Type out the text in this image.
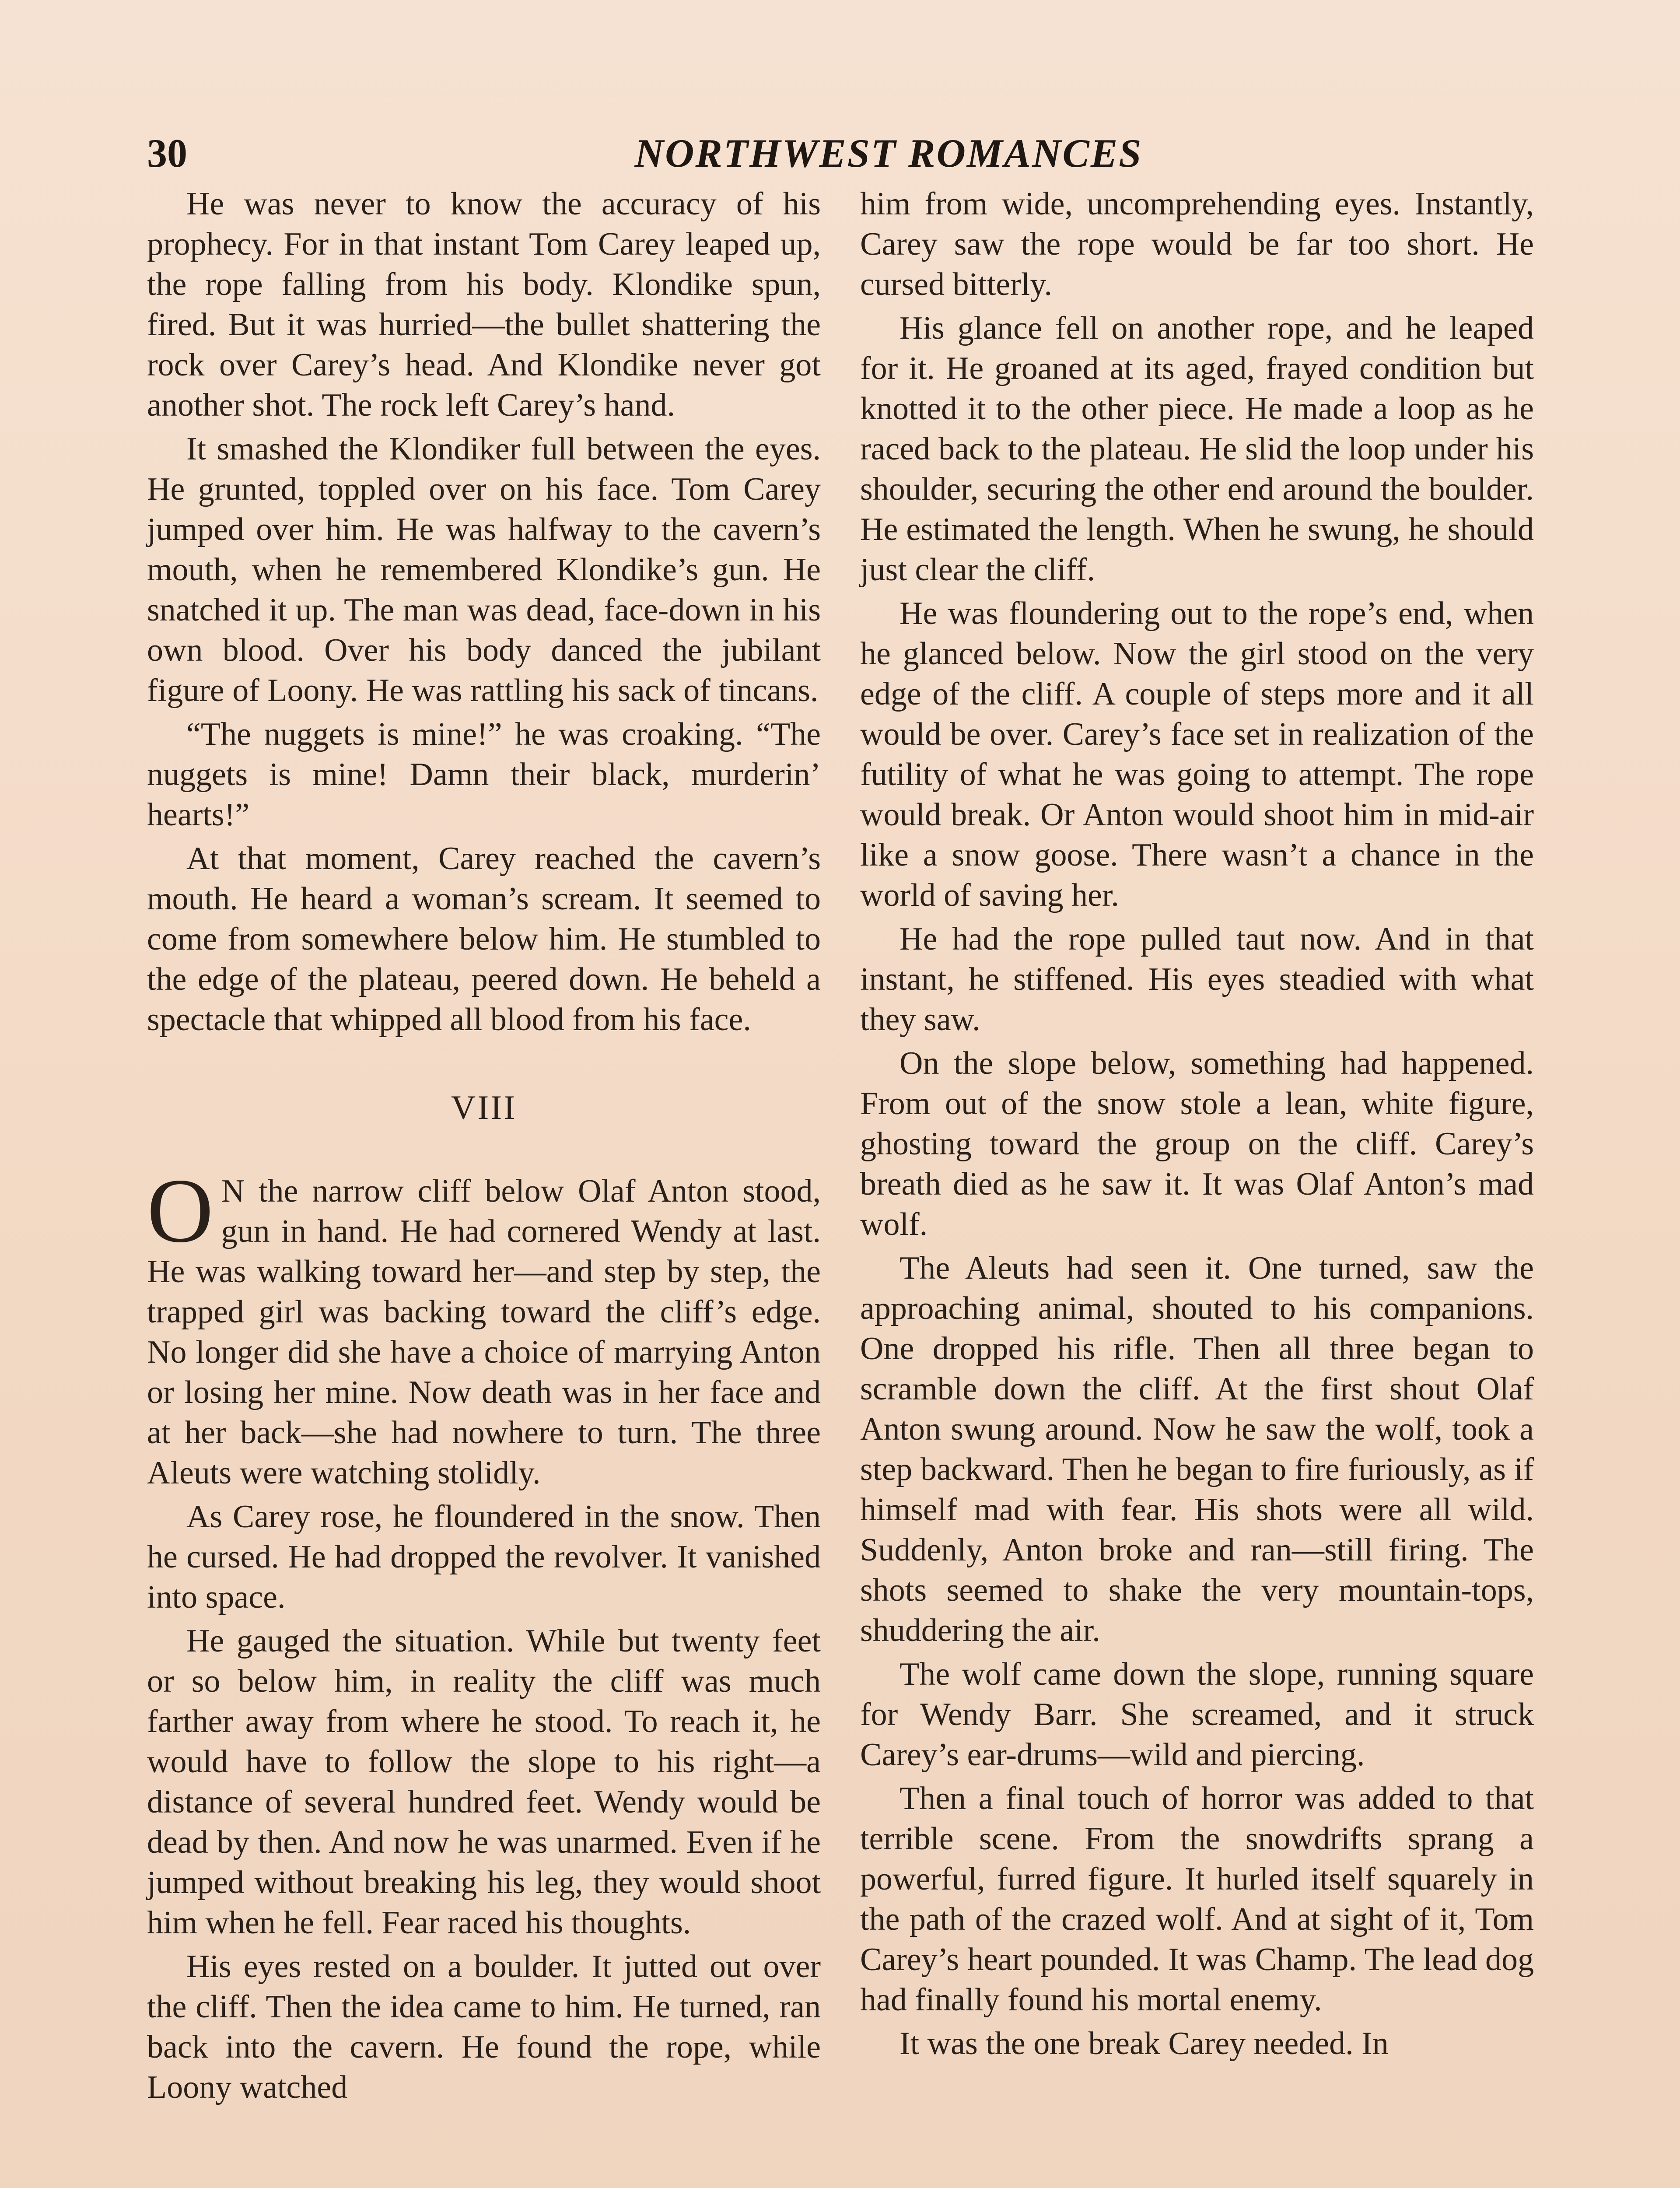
30	NORTHWEST ROMANCES

He was never to know the accuracy of his prophecy. For in that instant Tom Carey leaped up, the rope falling from his body. Klondike spun, fired. But it was hurried—the bullet shattering the rock over Carey’s head. And Klondike never got another shot. The rock left Carey’s hand.

It smashed the Klondiker full between the eyes. He grunted, toppled over on his face. Tom Carey jumped over him. He was halfway to the cavern’s mouth, when he remembered Klondike’s gun. He snatched it up. The man was dead, face-down in his own blood. Over his body danced the jubilant figure of Loony. He was rattling his sack of tincans.

“The nuggets is mine!” he was croaking. “The nuggets is mine! Damn their black, murderin’ hearts!”

At that moment, Carey reached the cavern’s mouth. He heard a woman’s scream. It seemed to come from somewhere below him. He stumbled to the edge of the plateau, peered down. He beheld a spectacle that whipped all blood from his face.

VIII

O N the narrow cliff below Olaf Anton stood, gun in hand. He had cornered Wendy at last. He was walking toward her—and step by step, the trapped girl was backing toward the cliff’s edge. No longer did she have a choice of marrying Anton or losing her mine. Now death was in her face and at her back—she had nowhere to turn. The three Aleuts were watching stolidly.

As Carey rose, he floundered in the snow. Then he cursed. He had dropped the revolver. It vanished into space.

He gauged the situation. While but twenty feet or so below him, in reality the cliff was much farther away from where he stood. To reach it, he would have to follow the slope to his right—a distance of several hundred feet. Wendy would be dead by then. And now he was unarmed. Even if he jumped without breaking his leg, they would shoot him when he fell. Fear raced his thoughts.

His eyes rested on a boulder. It jutted out over the cliff. Then the idea came to him. He turned, ran back into the cavern. He found the rope, while Loony watched

him from wide, uncomprehending eyes. Instantly, Carey saw the rope would be far too short. He cursed bitterly.

His glance fell on another rope, and he leaped for it. He groaned at its aged, frayed condition but knotted it to the other piece. He made a loop as he raced back to the plateau. He slid the loop under his shoulder, securing the other end around the boulder. He estimated the length. When he swung, he should just clear the cliff.

He was floundering out to the rope’s end, when he glanced below. Now the girl stood on the very edge of the cliff. A couple of steps more and it all would be over. Carey’s face set in realization of the futility of what he was going to attempt. The rope would break. Or Anton would shoot him in mid-air like a snow goose. There wasn’t a chance in the world of saving her.

He had the rope pulled taut now. And in that instant, he stiffened. His eyes steadied with what they saw.

On the slope below, something had happened. From out of the snow stole a lean, white figure, ghosting toward the group on the cliff. Carey’s breath died as he saw it. It was Olaf Anton’s mad wolf.

The Aleuts had seen it. One turned, saw the approaching animal, shouted to his companions. One dropped his rifle. Then all three began to scramble down the cliff. At the first shout Olaf Anton swung around. Now he saw the wolf, took a step backward. Then he began to fire furiously, as if himself mad with fear. His shots were all wild. Suddenly, Anton broke and ran—still firing. The shots seemed to shake the very mountain-tops, shuddering the air.

The wolf came down the slope, running square for Wendy Barr. She screamed, and it struck Carey’s ear-drums—wild and piercing.

Then a final touch of horror was added to that terrible scene. From the snowdrifts sprang a powerful, furred figure. It hurled itself squarely in the path of the crazed wolf. And at sight of it, Tom Carey’s heart pounded. It was Champ. The lead dog had finally found his mortal enemy.

It was the one break Carey needed. In
